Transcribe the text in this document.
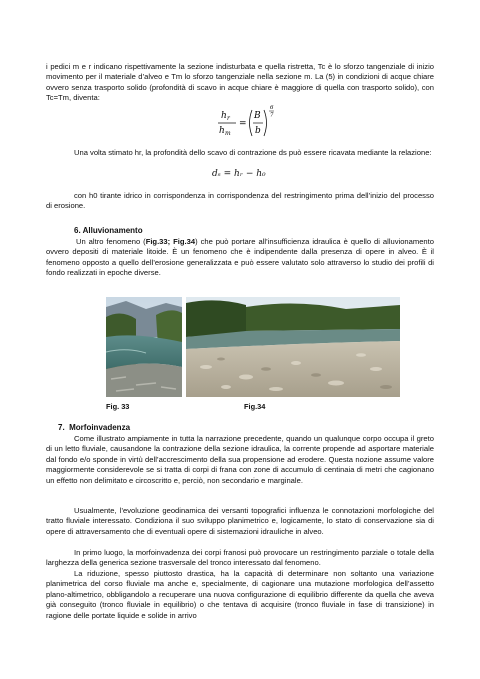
i pedici m e r indicano rispettivamente la sezione indisturbata e quella ristretta, Tc è lo sforzo tangenziale di inizio movimento per il materiale d’alveo e Tm lo sforzo tangenziale nella sezione m. La (5) in condizioni di acque chiare ovvero senza trasporto solido (profondità di scavo in acque chiare è maggiore di quella con trasporto solido), con Tc=Tm, diventa:

h r
h m
=
B
b
6
7

Una volta stimato hr, la profondità dello scavo di contrazione ds può essere ricavata mediante la relazione:

dₛ = hᵣ − h₀

con h0 tirante idrico in corrispondenza in corrispondenza del restringimento prima dell’inizio del processo di erosione.

6. Alluvionamento

Un altro fenomeno (Fig.33; Fig.34) che può portare all’insufficienza idraulica è quello di alluvionamento ovvero depositi di materiale litoide. È un fenomeno che è indipendente dalla presenza di opere in alveo. È il fenomeno opposto a quello dell’erosione generalizzata e può essere valutato solo attraverso lo studio dei profili di fondo realizzati in epoche diverse.

Fig. 33	Fig.34
7.  Morfoinvadenza

Come illustrato ampiamente in tutta la narrazione precedente, quando un qualunque corpo occupa il greto di un letto fluviale, causandone la contrazione della sezione idraulica, la corrente propende ad asportare materiale dal fondo e/o sponde in virtù dell’accrescimento della sua propensione ad erodere. Questa nozione assume valore maggiormente considerevole se si tratta di corpi di frana con zone di accumulo di centinaia di metri che cagionano un effetto non delimitato e circoscritto e, perciò, non secondario e marginale.

Usualmente, l’evoluzione geodinamica dei versanti topografici influenza le connotazioni morfologiche del tratto fluviale interessato. Condiziona il suo sviluppo planimetrico e, logicamente, lo stato di conservazione sia di opere di attraversamento che di eventuali opere di sistemazioni idrauliche in alveo.

In primo luogo, la morfoinvadenza dei corpi franosi può provocare un restringimento parziale o totale della larghezza della generica sezione trasversale del tronco interessato dal fenomeno.

La riduzione, spesso piuttosto drastica, ha la capacità di determinare non soltanto una variazione planimetrica del corso fluviale ma anche e, specialmente, di cagionare una mutazione morfologica dell’assetto plano-altimetrico, obbligandolo a recuperare una nuova configurazione di equilibrio differente da quella che aveva già conseguito (tronco fluviale in equilibrio) o che tentava di acquisire (tronco fluviale in fase di transizione) in ragione delle portate liquide e solide in arrivo
